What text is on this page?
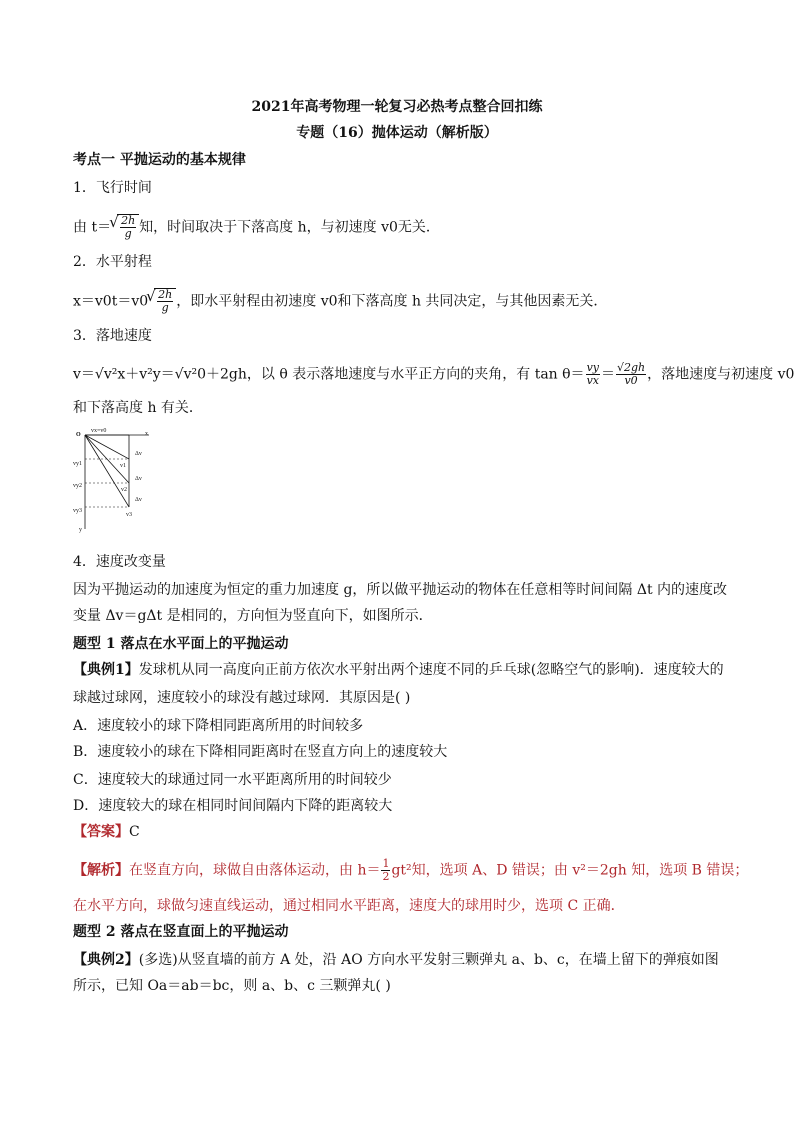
2021年高考物理一轮复习必热考点整合回扣练
专题（16）抛体运动（解析版）
考点一 平抛运动的基本规律
1．飞行时间
由 t＝ √ $\frac{2h}{g}$ 知，时间取决于下落高度 h，与初速度 v0无关．
2．水平射程
x＝v0t＝v0 √ $\frac{2h}{g}$ ，即水平射程由初速度 v0和下落高度 h 共同决定，与其他因素无关．
3．落地速度
v＝√v²x＋v²y＝√v²0＋2gh，以 θ 表示落地速度与水平正方向的夹角，有 $\tan \theta= \frac{vy}{vx} = \frac{√2gh}{v0}$ ，落地速度与初速度 v0
和下落高度 h 有关．
O
vx=v0	x
y
vy1
vy2
vy3
v1
v2
v3
Δv
Δv
Δv
4．速度改变量
因为平抛运动的加速度为恒定的重力加速度 g，所以做平抛运动的物体在任意相等时间间隔 Δt 内的速度改
变量 Δv＝gΔt 是相同的，方向恒为竖直向下，如图所示．
题型 1 落点在水平面上的平抛运动
【典例1】发球机从同一高度向正前方依次水平射出两个速度不同的乒乓球(忽略空气的影响)．速度较大的
球越过球网，速度较小的球没有越过球网．其原因是( )
A．速度较小的球下降相同距离所用的时间较多
B．速度较小的球在下降相同距离时在竖直方向上的速度较大
C．速度较大的球通过同一水平距离所用的时间较少
D．速度较大的球在相同时间间隔内下降的距离较大
【答案】C
【解析】在竖直方向，球做自由落体运动，由 $h= \frac{1}{2} gt^2$知，选项 A、D 错误；由 v²＝2gh 知，选项 B 错误；
在水平方向，球做匀速直线运动，通过相同水平距离，速度大的球用时少，选项 C 正确．
题型 2 落点在竖直面上的平抛运动
【典例2】(多选)从竖直墙的前方 A 处，沿 AO 方向水平发射三颗弹丸 a、b、c，在墙上留下的弹痕如图
所示，已知 Oa＝ab＝bc，则 a、b、c 三颗弹丸( )
